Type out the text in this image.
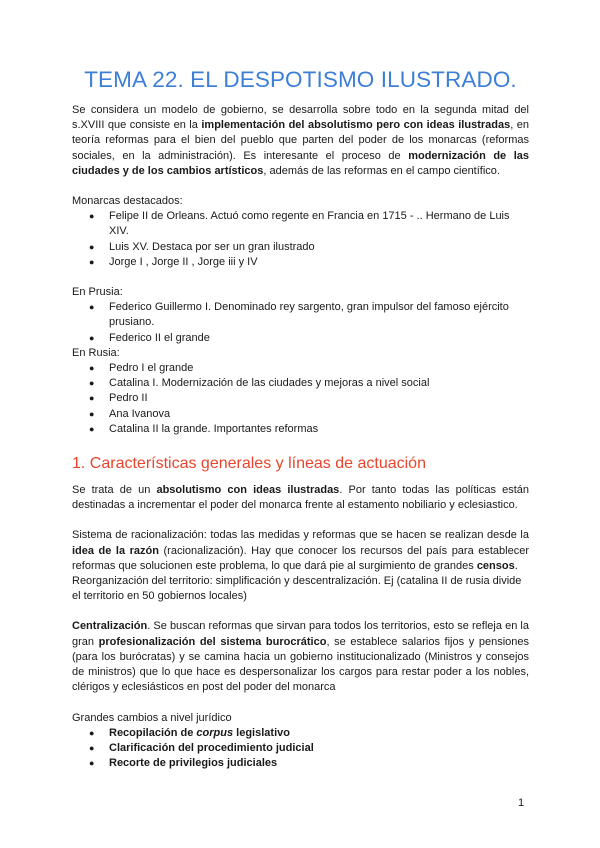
TEMA 22. EL DESPOTISMO ILUSTRADO.

Se considera un modelo de gobierno, se desarrolla sobre todo en la segunda mitad del s.XVIII que consiste en la implementación del absolutismo pero con ideas ilustradas, en teoría reformas para el bien del pueblo que parten del poder de los monarcas (reformas sociales, en la administración). Es interesante el proceso de modernización de las ciudades y de los cambios artísticos, además de las reformas en el campo científico.

Monarcas destacados:

● Felipe II de Orleans. Actuó como regente en Francia en 1715 - .. Hermano de Luis XIV.
● Luis XV. Destaca por ser un gran ilustrado
● Jorge I , Jorge II , Jorge iii y IV

En Prusia:

● Federico Guillermo I. Denominado rey sargento, gran impulsor del famoso ejército prusiano.
● Federico II el grande

En Rusia:

● Pedro I el grande
● Catalina I. Modernización de las ciudades y mejoras a nivel social
● Pedro II
● Ana Ivanova
● Catalina II la grande. Importantes reformas
1. Características generales y líneas de actuación

Se trata de un absolutismo con ideas ilustradas. Por tanto todas las políticas están destinadas a incrementar el poder del monarca frente al estamento nobiliario y eclesiastico.

Sistema de racionalización: todas las medidas y reformas que se hacen se realizan desde la idea de la razón (racionalización). Hay que conocer los recursos del país para establecer reformas que solucionen este problema, lo que dará pie al surgimiento de grandes censos.

Reorganización del territorio: simplificación y descentralización. Ej (catalina II de rusia divide el territorio en 50 gobiernos locales)

Centralización. Se buscan reformas que sirvan para todos los territorios, esto se refleja en la gran profesionalización del sistema burocrático, se establece salarios fijos y pensiones (para los burócratas) y se camina hacia un gobierno institucionalizado (Ministros y consejos de ministros) que lo que hace es despersonalizar los cargos para restar poder a los nobles, clérigos y eclesiásticos en post del poder del monarca

Grandes cambios a nivel jurídico

● Recopilación de corpus legislativo
● Clarificación del procedimiento judicial
● Recorte de privilegios judiciales
1
